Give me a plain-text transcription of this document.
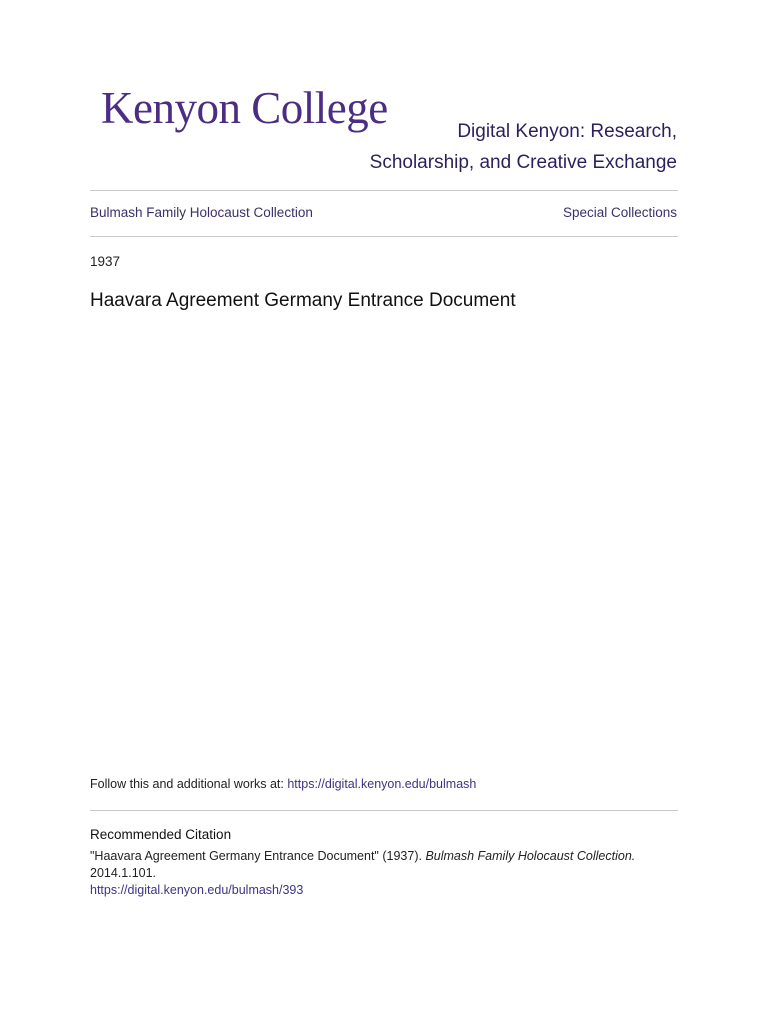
Kenyon College	Digital Kenyon: Research,
Scholarship, and Creative Exchange
Bulmash Family Holocaust Collection	Special Collections
1937
Haavara Agreement Germany Entrance Document
Follow this and additional works at: https://digital.kenyon.edu/bulmash
Recommended Citation
"Haavara Agreement Germany Entrance Document" (1937). Bulmash Family Holocaust Collection.
2014.1.101.
https://digital.kenyon.edu/bulmash/393
